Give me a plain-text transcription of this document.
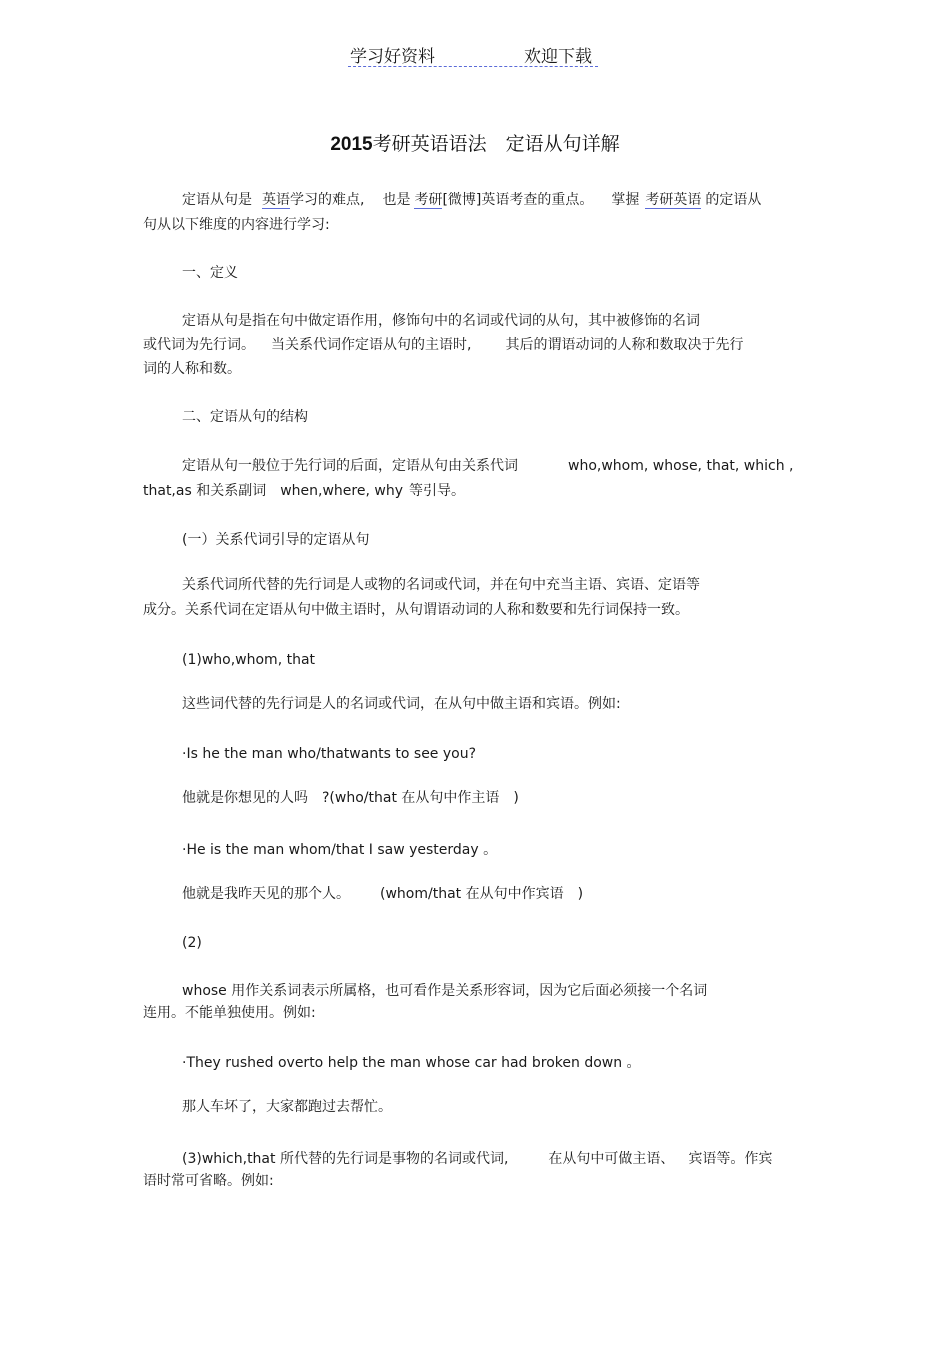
学习好资料	欢迎下载
2015考研英语语法　定语从句详解
定语从句是 英语学习的难点, 也是 考研[微博]英语考查的重点。 掌握 考研英语 的定语从
句从以下维度的内容进行学习:
一、定义
定语从句是指在句中做定语作用，修饰句中的名词或代词的从句，其中被修饰的名词
或代词为先行词。 当关系代词作定语从句的主语时, 其后的谓语动词的人称和数取决于先行
词的人称和数。
二、定语从句的结构
定语从句一般位于先行词的后面，定语从句由关系代词	who,whom, whose, that, which ,
that,as 和关系副词 when,where, why 等引导。
(一）关系代词引导的定语从句
关系代词所代替的先行词是人或物的名词或代词，并在句中充当主语、宾语、定语等
成分。关系代词在定语从句中做主语时，从句谓语动词的人称和数要和先行词保持一致。
(1)who,whom, that
这些词代替的先行词是人的名词或代词，在从句中做主语和宾语。例如:
·Is he the man who/thatwants to see you?
他就是你想见的人吗 ?(who/that 在从句中作主语　)
·He is the man whom/that I saw yesterday 。
他就是我昨天见的那个人。 (whom/that 在从句中作宾语　)
(2)
whose 用作关系词表示所属格，也可看作是关系形容词，因为它后面必须接一个名词
连用。不能单独使用。例如:
·They rushed overto help the man whose car had broken down 。
那人车坏了，大家都跑过去帮忙。
(3)which,that 所代替的先行词是事物的名词或代词,	在从句中可做主语、 宾语等。作宾
语时常可省略。例如:
